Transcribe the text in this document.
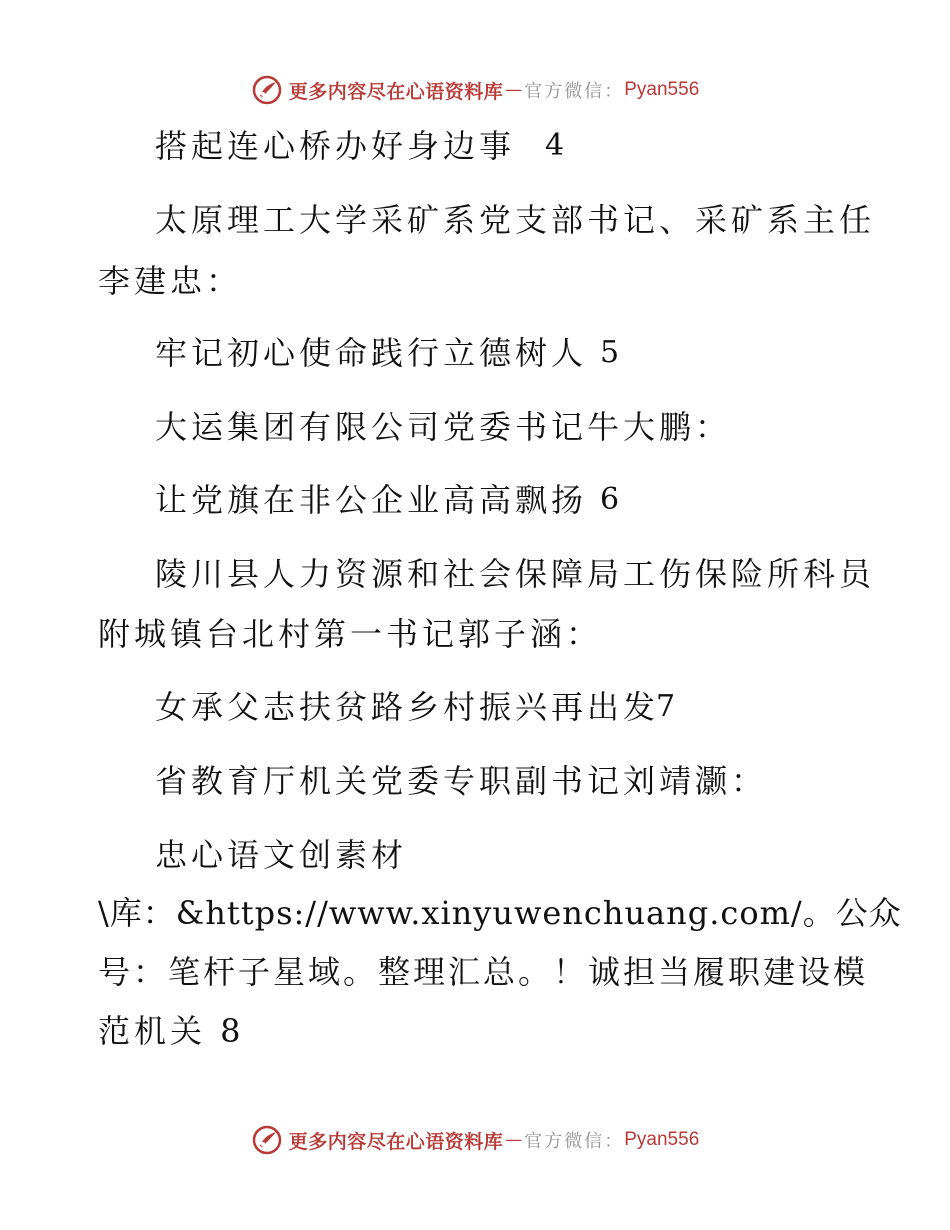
更多内容尽在心语资料库 — 官方微信： Pyan556
搭起连心桥办好身边事 4
太原理工大学采矿系党支部书记、采矿系主任
李建忠：
牢记初心使命践行立德树人 5
大运集团有限公司党委书记牛大鹏：
让党旗在非公企业高高飘扬 6
陵川县人力资源和社会保障局工伤保险所科员
附城镇台北村第一书记郭子涵：
女承父志扶贫路乡村振兴再出发
7
省教育厅机关党委专职副书记刘靖灏：
忠心语文创素材
\库：&https://www.xinyuwenchuang.com/。公众
号：笔杆子星域。整理汇总。！诚担当履职建设模
范机关 8
更多内容尽在心语资料库 — 官方微信： Pyan556
